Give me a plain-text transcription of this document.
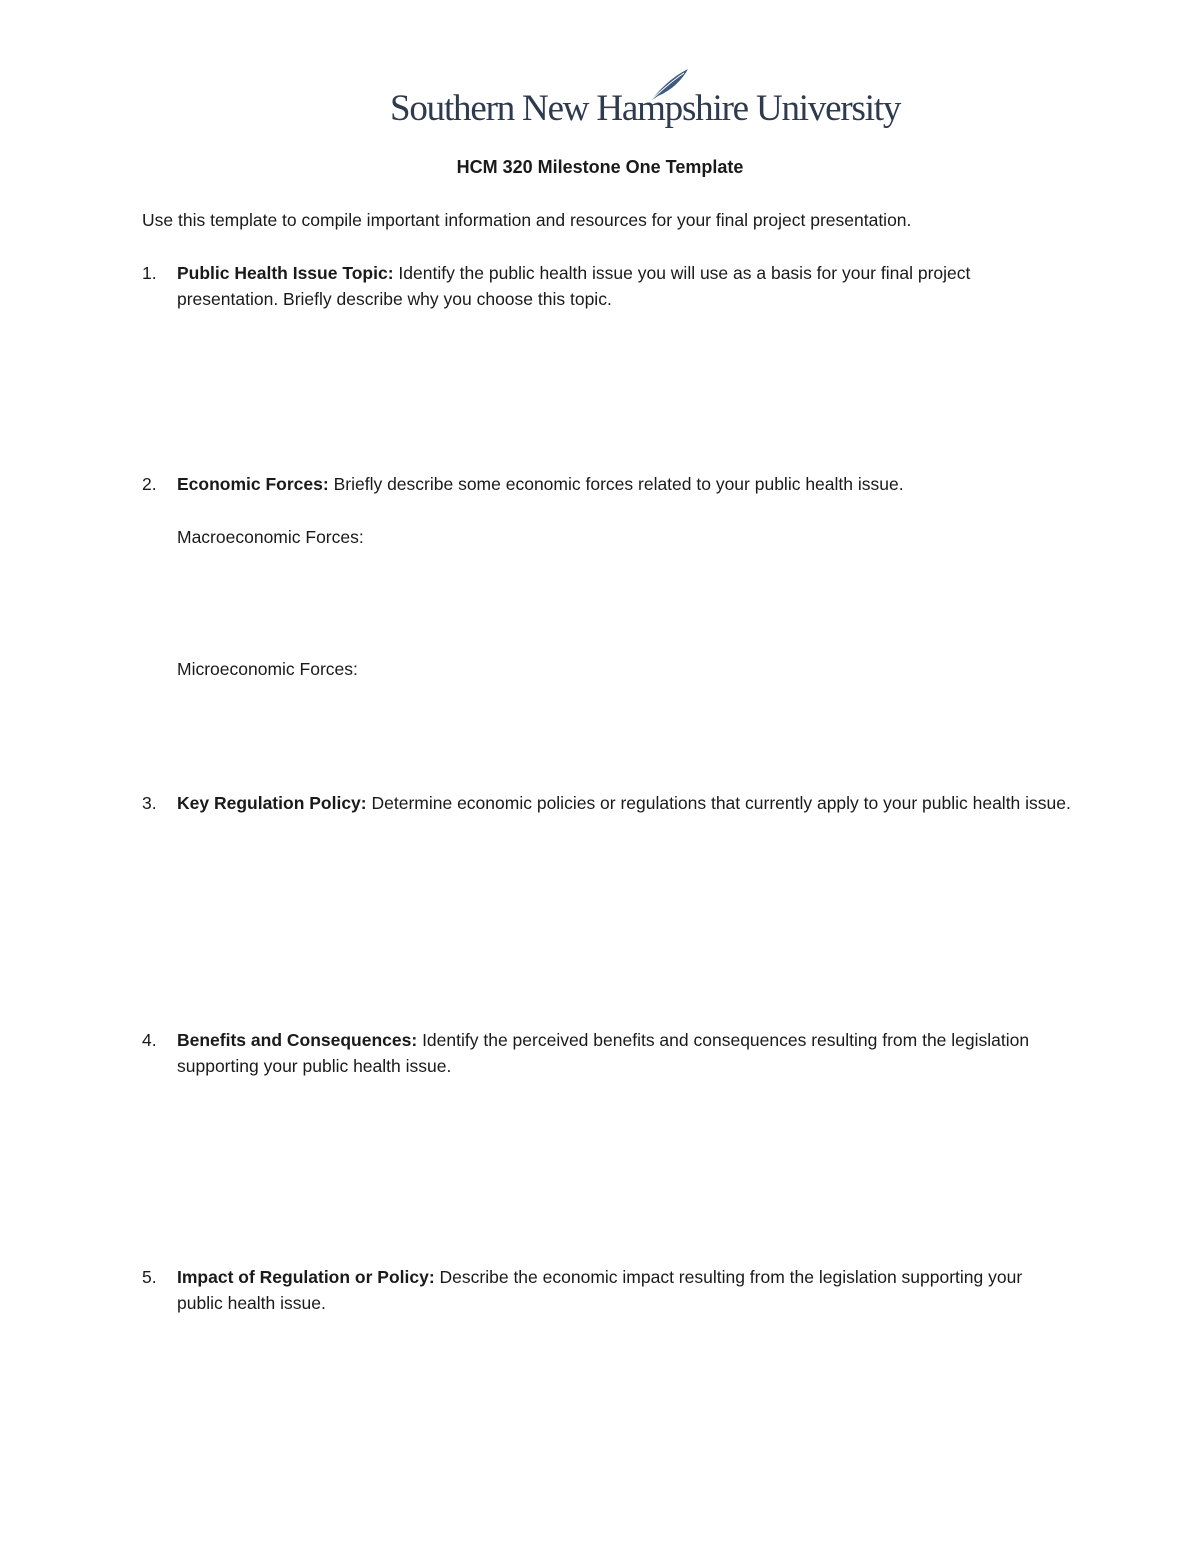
Southern New Hampshire University
HCM 320 Milestone One Template
Use this template to compile important information and resources for your final project presentation.
1. Public Health Issue Topic: Identify the public health issue you will use as a basis for your final project presentation. Briefly describe why you choose this topic.
2. Economic Forces: Briefly describe some economic forces related to your public health issue.
Macroeconomic Forces:
Microeconomic Forces:
3. Key Regulation Policy: Determine economic policies or regulations that currently apply to your public health issue.
4. Benefits and Consequences: Identify the perceived benefits and consequences resulting from the legislation supporting your public health issue.
5. Impact of Regulation or Policy: Describe the economic impact resulting from the legislation supporting your public health issue.
